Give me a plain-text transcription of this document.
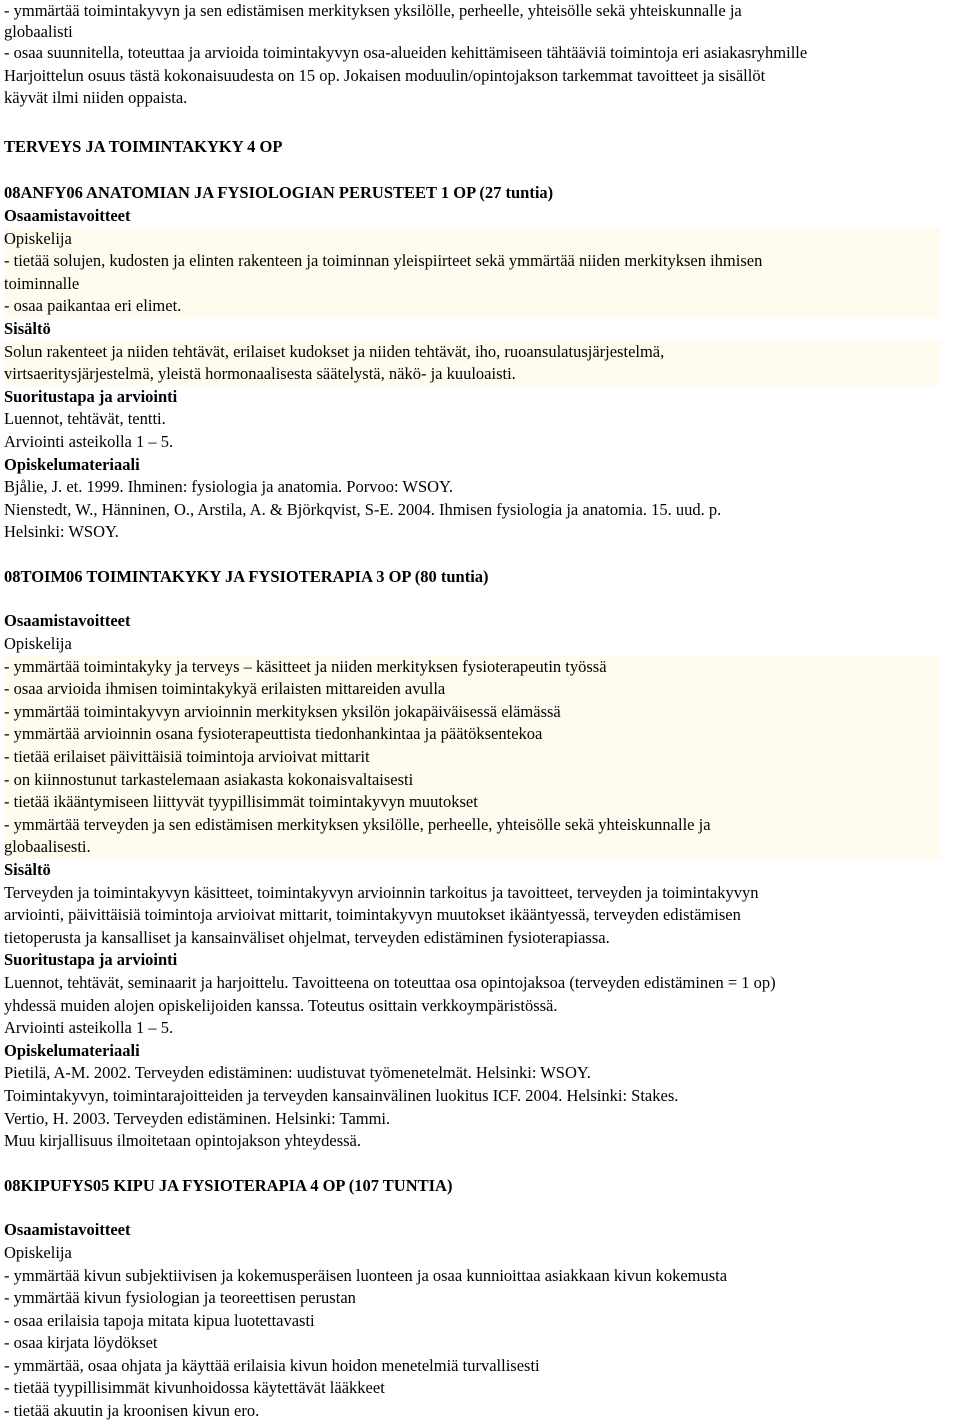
- ymmärtää toimintakyvyn ja sen edistämisen merkityksen yksilölle, perheelle, yhteisölle sekä yhteiskunnalle ja
globaalisti
- osaa suunnitella, toteuttaa ja arvioida toimintakyvyn osa-alueiden kehittämiseen tähtääviä toimintoja eri asiakasryhmille
Harjoittelun osuus tästä kokonaisuudesta on 15 op. Jokaisen moduulin/opintojakson tarkemmat tavoitteet ja sisällöt
käyvät ilmi niiden oppaista.
TERVEYS JA TOIMINTAKYKY 4 OP
08ANFY06 ANATOMIAN JA FYSIOLOGIAN PERUSTEET 1 OP (27 tuntia)
Osaamistavoitteet
Opiskelija
- tietää solujen, kudosten ja elinten rakenteen ja toiminnan yleispiirteet sekä ymmärtää niiden merkityksen ihmisen
toiminnalle
- osaa paikantaa eri elimet.
Sisältö
Solun rakenteet ja niiden tehtävät, erilaiset kudokset ja niiden tehtävät, iho, ruoansulatusjärjestelmä,
virtsaeritysjärjestelmä, yleistä hormonaalisesta säätelystä, näkö- ja kuuloaisti.
Suoritustapa ja arviointi
Luennot, tehtävät, tentti.
Arviointi asteikolla 1 – 5.
Opiskelumateriaali
Bjålie, J. et. 1999. Ihminen: fysiologia ja anatomia. Porvoo: WSOY.
Nienstedt, W., Hänninen, O., Arstila, A. & Björkqvist, S-E. 2004. Ihmisen fysiologia ja anatomia. 15. uud. p.
Helsinki: WSOY.
08TOIM06 TOIMINTAKYKY JA FYSIOTERAPIA 3 OP (80 tuntia)
Osaamistavoitteet
Opiskelija
- ymmärtää toimintakyky ja terveys – käsitteet ja niiden merkityksen fysioterapeutin työssä
- osaa arvioida ihmisen toimintakykyä erilaisten mittareiden avulla
- ymmärtää toimintakyvyn arvioinnin merkityksen yksilön jokapäiväisessä elämässä
- ymmärtää arvioinnin osana fysioterapeuttista tiedonhankintaa ja päätöksentekoa
- tietää erilaiset päivittäisiä toimintoja arvioivat mittarit
- on kiinnostunut tarkastelemaan asiakasta kokonaisvaltaisesti
- tietää ikääntymiseen liittyvät tyypillisimmät toimintakyvyn muutokset
- ymmärtää terveyden ja sen edistämisen merkityksen yksilölle, perheelle, yhteisölle sekä yhteiskunnalle ja
globaalisesti.
Sisältö
Terveyden ja toimintakyvyn käsitteet, toimintakyvyn arvioinnin tarkoitus ja tavoitteet, terveyden ja toimintakyvyn
arviointi, päivittäisiä toimintoja arvioivat mittarit, toimintakyvyn muutokset ikääntyessä, terveyden edistämisen
tietoperusta ja kansalliset ja kansainväliset ohjelmat, terveyden edistäminen fysioterapiassa.
Suoritustapa ja arviointi
Luennot, tehtävät, seminaarit ja harjoittelu. Tavoitteena on toteuttaa osa opintojaksoa (terveyden edistäminen = 1 op)
yhdessä muiden alojen opiskelijoiden kanssa. Toteutus osittain verkkoympäristössä.
Arviointi asteikolla 1 – 5.
Opiskelumateriaali
Pietilä, A-M. 2002. Terveyden edistäminen: uudistuvat työmenetelmät. Helsinki: WSOY.
Toimintakyvyn, toimintarajoitteiden ja terveyden kansainvälinen luokitus ICF. 2004. Helsinki: Stakes.
Vertio, H. 2003. Terveyden edistäminen. Helsinki: Tammi.
Muu kirjallisuus ilmoitetaan opintojakson yhteydessä.
08KIPUFYS05 KIPU JA FYSIOTERAPIA 4 OP (107 TUNTIA)
Osaamistavoitteet
Opiskelija
- ymmärtää kivun subjektiivisen ja kokemusperäisen luonteen ja osaa kunnioittaa asiakkaan kivun kokemusta
- ymmärtää kivun fysiologian ja teoreettisen perustan
- osaa erilaisia tapoja mitata kipua luotettavasti
- osaa kirjata löydökset
- ymmärtää, osaa ohjata ja käyttää erilaisia kivun hoidon menetelmiä turvallisesti
- tietää tyypillisimmät kivunhoidossa käytettävät lääkkeet
- tietää akuutin ja kroonisen kivun ero.
